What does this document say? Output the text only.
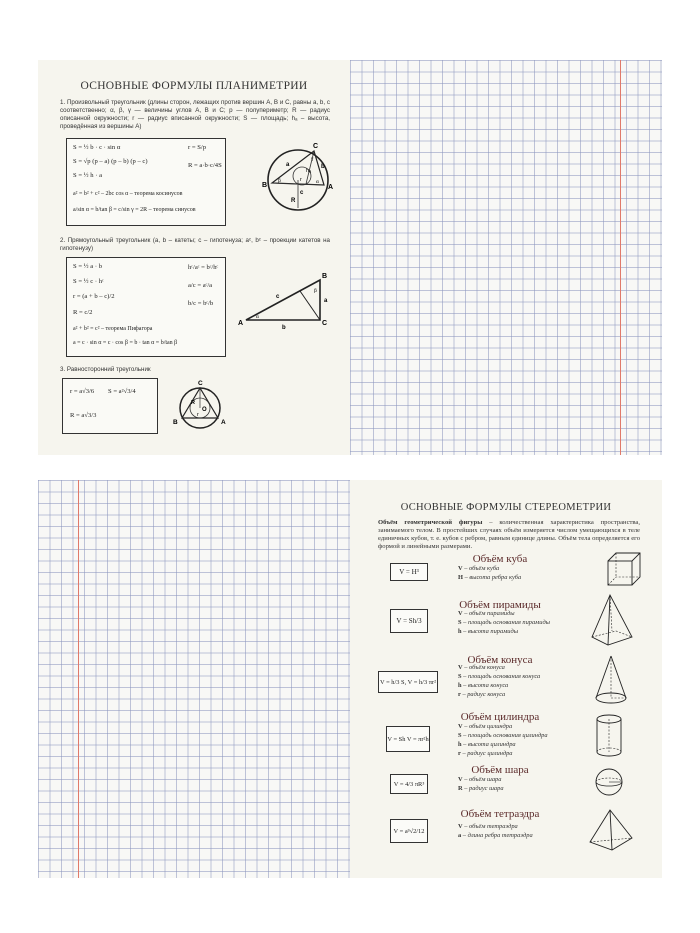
ОСНОВНЫЕ ФОРМУЛЫ ПЛАНИМЕТРИИ
1. Произвольный треугольник (длины сторон, лежащих против вершин A, B и C, равны a, b, c соответственно; α, β, γ — величины углов A, B и C; p — полупериметр; R — радиус описанной окружности; r — радиус вписанной окружности; S — площадь; hₐ – высота, проведённая из вершины A)
S = ½ b · c · sin α
S = √p (p – a) (p – b) (p – c)
S = ½ h · a
a² = b² + c² – 2bc cos α – теорема косинусов
a/sin α = b/tan β = c/sin γ = 2R – теорема синусов
r = S/p
R = a·b·c/4S
C
B	A
a	b
c
R
hₐ
r
β	α
γ
2. Прямоугольный треугольник (a, b – катеты; c – гипотенуза; aᶜ, bᶜ – проекции катетов на гипотенузу)
S = ½ a · b
S = ½ c · hᶜ
r = (a + b – c)/2
R = c/2
a² + b² = c² – теорема Пифагора
a = c · sin α = c · cos β = b · tan α = b/tan β
hᶜ/aᶜ = bᶜ/hᶜ
a/c = aᶜ/a
b/c = bᶜ/b
B
A	C
a
b
c
α
β
3. Равносторонний треугольник
r = a√3/6 S = a²√3/4
R = a√3/3
C
B	A
O
R
r
ОСНОВНЫЕ ФОРМУЛЫ СТЕРЕОМЕТРИИ
Объём геометрической фигуры – количественная характеристика пространства, занимаемого телом. В простейших случаях объём измеряется числом умещающихся в теле единичных кубов, т. е. кубов с ребром, равным единице длины. Объём тела определяется его формой и линейными размерами.
Объём куба
V = H³	V – объём куба
H – высота ребра куба
Объём пирамиды
V = Sh/3
V – объём пирамиды
S – площадь основания пирамиды
h – высота пирамиды
Объём конуса
V = h/3 S, V = h/3 πr²
V – объём конуса
S – площадь основания конуса
h – высота конуса
r – радиус конуса
Объём цилиндра
V = Sh V = πr²h
V – объём цилиндра
S – площадь основания цилиндра
h – высота цилиндра
r – радиус цилиндра
Объём шара
V = 4/3 πR³
V – объём шара
R – радиус шара
Объём тетраэдра
V = a³√2/12
V – объём тетраэдра
a – длина ребра тетраэдра
